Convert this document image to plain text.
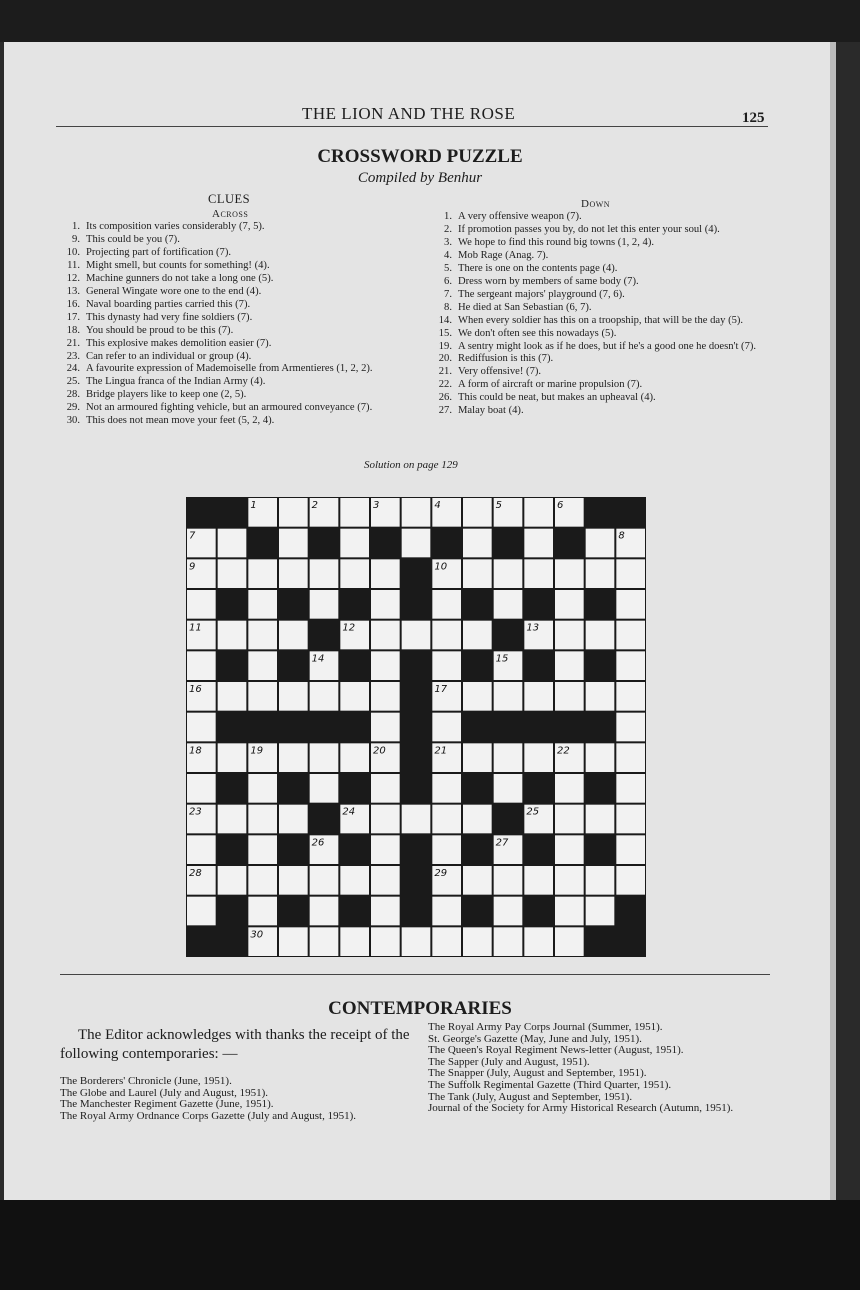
THE LION AND THE ROSE	125
CROSSWORD PUZZLE
Compiled by Benhur
CLUES
Across
Down
1. Its composition varies considerably (7, 5).
9. This could be you (7).
10. Projecting part of fortification (7).
11. Might smell, but counts for something! (4).
12. Machine gunners do not take a long one (5).
13. General Wingate wore one to the end (4).
16. Naval boarding parties carried this (7).
17. This dynasty had very fine soldiers (7).
18. You should be proud to be this (7).
21. This explosive makes demolition easier (7).
23. Can refer to an individual or group (4).
24. A favourite expression of Mademoiselle from Armentieres (1, 2, 2).
25. The Lingua franca of the Indian Army (4).
28. Bridge players like to keep one (2, 5).
29. Not an armoured fighting vehicle, but an armoured conveyance (7).
30. This does not mean move your feet (5, 2, 4).
1. A very offensive weapon (7).
2. If promotion passes you by, do not let this enter your soul (4).
3. We hope to find this round big towns (1, 2, 4).
4. Mob Rage (Anag. 7).
5. There is one on the contents page (4).
6. Dress worn by members of same body (7).
7. The sergeant majors' playground (7, 6).
8. He died at San Sebastian (6, 7).
14. When every soldier has this on a troopship, that will be the day (5).
15. We don't often see this nowadays (5).
19. A sentry might look as if he does, but if he's a good one he doesn't (7).
20. Rediffusion is this (7).
21. Very offensive! (7).
22. A form of aircraft or marine propulsion (7).
26. This could be neat, but makes an upheaval (4).
27. Malay boat (4).
Solution on page 129
1	2	3	4	5	6
7	8
9	10
11	12	13
14	15
16	17
18	19	20	21	22
23	24	25
26	27
28	29
30
CONTEMPORARIES
The Editor acknowledges with thanks the receipt of the following contemporaries: —
The Borderers' Chronicle (June, 1951).
The Globe and Laurel (July and August, 1951).
The Manchester Regiment Gazette (June, 1951).
The Royal Army Ordnance Corps Gazette (July and August, 1951).
The Royal Army Pay Corps Journal (Summer, 1951).
St. George's Gazette (May, June and July, 1951).
The Queen's Royal Regiment News-letter (August, 1951).
The Sapper (July and August, 1951).
The Snapper (July, August and September, 1951).
The Suffolk Regimental Gazette (Third Quarter, 1951).
The Tank (July, August and September, 1951).
Journal of the Society for Army Historical Research (Autumn, 1951).
